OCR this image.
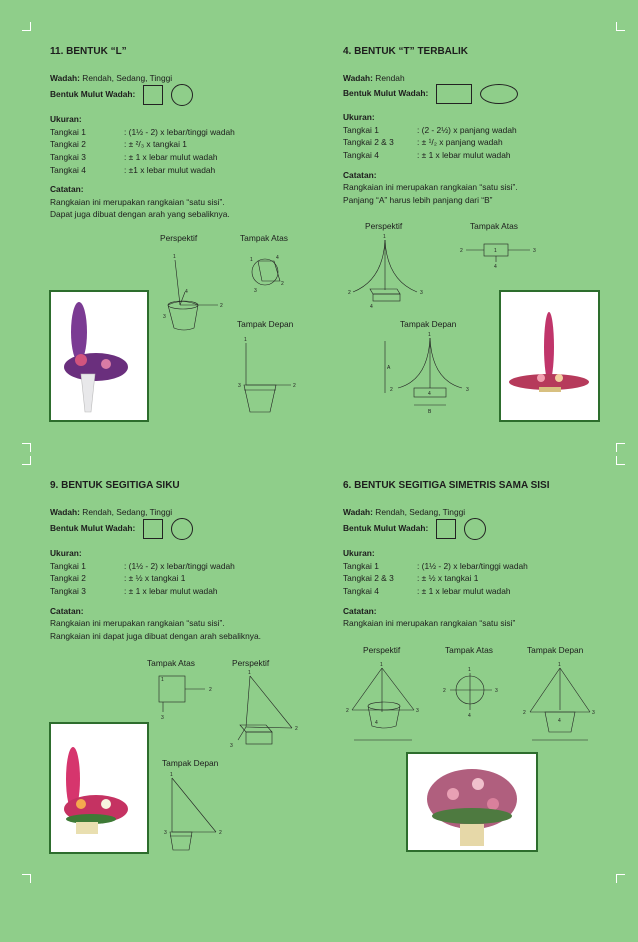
11. BENTUK “L”
Wadah: Rendah, Sedang, Tinggi
Bentuk Mulut Wadah:
Ukuran:
Tangkai 1	: (1½ - 2) x lebar/tinggi wadah
Tangkai 2	: ± ²/₃ x tangkai 1
Tangkai 3	: ± 1 x lebar mulut wadah
Tangkai 4	: ±1 x lebar mulut wadah
Catatan:
Rangkaian ini merupakan rangkaian “satu sisi”.
Dapat juga dibuat dengan arah yang sebaliknya.
Perspektif	Tampak Atas
Tampak Depan
1
2
3
4
1	4
2
3
1
2
3
4. BENTUK “T” TERBALIK
Wadah: Rendah
Bentuk Mulut Wadah:
Ukuran:
Tangkai 1	: (2 - 2½) x panjang wadah
Tangkai 2 & 3	: ± ¹/₂ x panjang wadah
Tangkai 4	: ± 1 x lebar mulut wadah
Catatan:
Rangkaian ini merupakan rangkaian “satu sisi”.
Panjang “A” harus lebih panjang dari “B”
Perspektif	Tampak Atas
Tampak Depan
1
2	3
4
2	1	3
4
1
2	3
4
A
B
9. BENTUK SEGITIGA SIKU
Wadah: Rendah, Sedang, Tinggi
Bentuk Mulut Wadah:
Ukuran:
Tangkai 1	: (1½ - 2) x lebar/tinggi wadah
Tangkai 2	: ± ½ x tangkai 1
Tangkai 3	: ± 1 x lebar mulut wadah
Catatan:
Rangkaian ini merupakan rangkaian “satu sisi”.
Rangkaian ini dapat juga dibuat dengan arah sebaliknya.
Tampak Atas	Perspektif
Tampak Depan
1
2
3
1
2
3
1
2
3
6. BENTUK SEGITIGA SIMETRIS SAMA SISI
Wadah: Rendah, Sedang, Tinggi
Bentuk Mulut Wadah:
Ukuran:
Tangkai 1	: (1½ - 2) x lebar/tinggi wadah
Tangkai 2 & 3	: ± ½ x tangkai 1
Tangkai 4	: ± 1 x lebar mulut wadah
Catatan:
Rangkaian ini merupakan rangkaian “satu sisi”
Perspektif	Tampak Atas	Tampak Depan
1
2	3
4
1
2	3
4
1
2	3
4
